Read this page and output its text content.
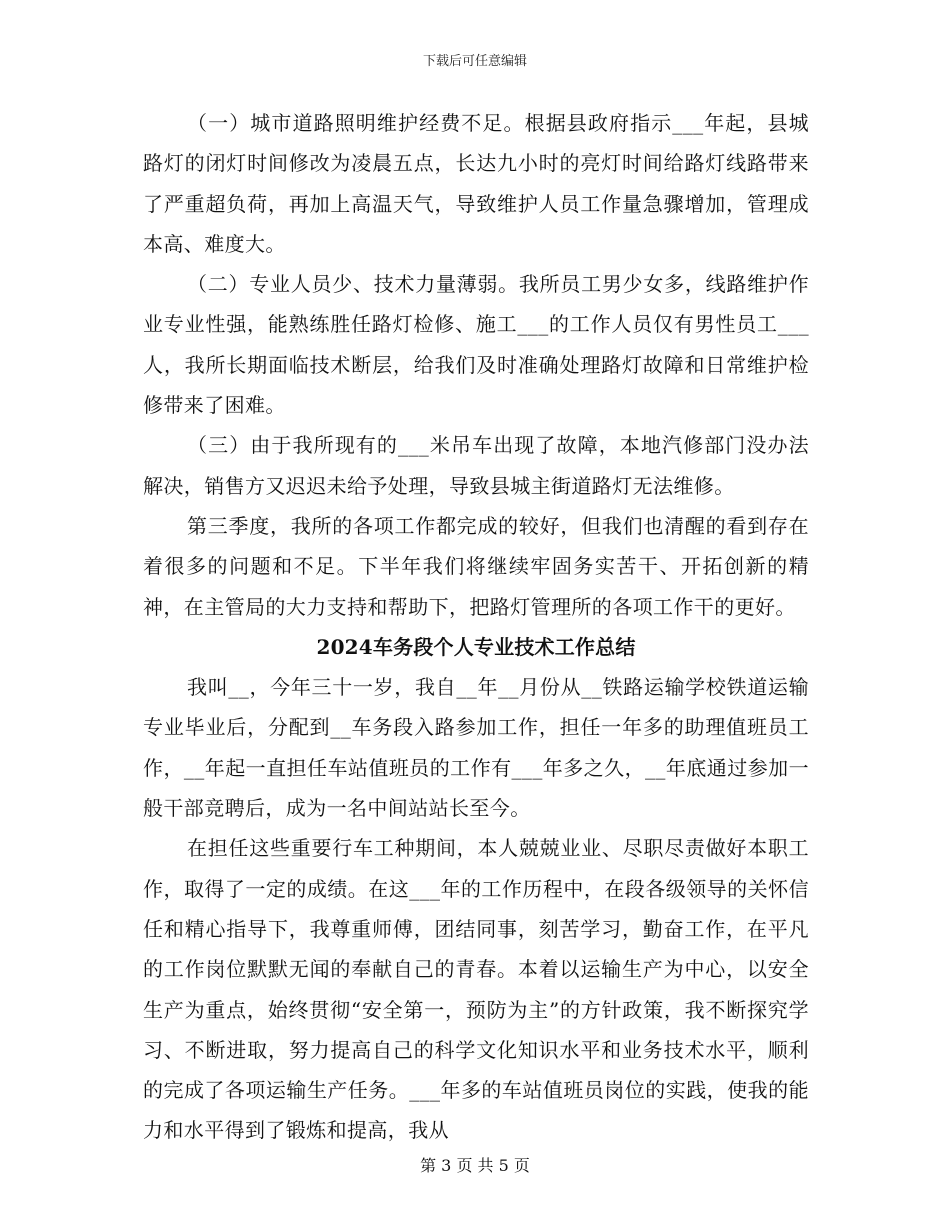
下载后可任意编辑

（一）城市道路照明维护经费不足。根据县政府指示___年起，县城路灯的闭灯时间修改为凌晨五点，长达九小时的亮灯时间给路灯线路带来了严重超负荷，再加上高温天气，导致维护人员工作量急骤增加，管理成本高、难度大。

（二）专业人员少、技术力量薄弱。我所员工男少女多，线路维护作业专业性强，能熟练胜任路灯检修、施工___的工作人员仅有男性员工___人，我所长期面临技术断层，给我们及时准确处理路灯故障和日常维护检修带来了困难。

（三）由于我所现有的___米吊车出现了故障，本地汽修部门没办法解决，销售方又迟迟未给予处理，导致县城主街道路灯无法维修。

第三季度，我所的各项工作都完成的较好，但我们也清醒的看到存在着很多的问题和不足。下半年我们将继续牢固务实苦干、开拓创新的精神，在主管局的大力支持和帮助下，把路灯管理所的各项工作干的更好。

2024车务段个人专业技术工作总结

我叫__，今年三十一岁，我自__年__月份从__铁路运输学校铁道运输专业毕业后，分配到__车务段入路参加工作，担任一年多的助理值班员工作，__年起一直担任车站值班员的工作有___年多之久，__年底通过参加一般干部竞聘后，成为一名中间站站长至今。

在担任这些重要行车工种期间，本人兢兢业业、尽职尽责做好本职工作，取得了一定的成绩。在这___年的工作历程中，在段各级领导的关怀信任和精心指导下，我尊重师傅，团结同事，刻苦学习，勤奋工作，在平凡的工作岗位默默无闻的奉献自己的青春。本着以运输生产为中心，以安全生产为重点，始终贯彻“安全第一，预防为主”的方针政策，我不断探究学习、不断进取，努力提高自己的科学文化知识水平和业务技术水平，顺利的完成了各项运输生产任务。___年多的车站值班员岗位的实践，使我的能力和水平得到了锻炼和提高，我从

第 3 页 共 5 页
